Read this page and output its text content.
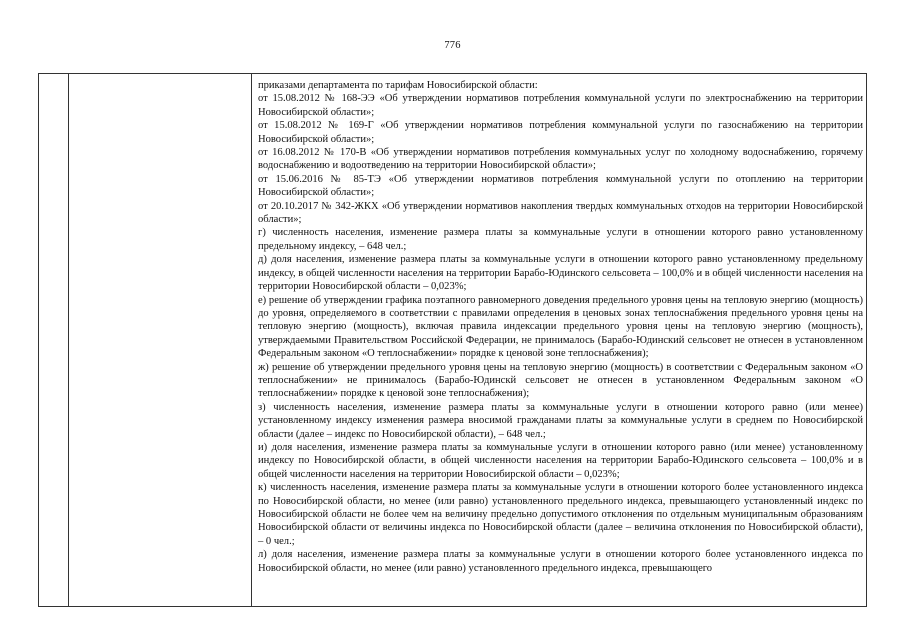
776

приказами департамента по тарифам Новосибирской области:

от 15.08.2012 № 168-ЭЭ «Об утверждении нормативов потребления коммунальной услуги по электроснабжению на территории Новосибирской области»;

от 15.08.2012 № 169-Г «Об утверждении нормативов потребления коммунальной услуги по газоснабжению на территории Новосибирской области»;

от 16.08.2012 № 170-В «Об утверждении нормативов потребления коммунальных услуг по холодному водоснабжению, горячему водоснабжению и водоотведению на территории Новосибирской области»;

от 15.06.2016 № 85-ТЭ «Об утверждении нормативов потребления коммунальной услуги по отоплению на территории Новосибирской области»;

от 20.10.2017 № 342-ЖКХ «Об утверждении нормативов накопления твердых коммунальных отходов на территории Новосибирской области»;

г) численность населения, изменение размера платы за коммунальные услуги в отношении которого равно установленному предельному индексу, – 648 чел.;

д) доля населения, изменение размера платы за коммунальные услуги в отношении которого равно установленному предельному индексу, в общей численности населения на территории Барабо-Юдинского сельсовета – 100,0% и в общей численности населения на территории Новосибирской области – 0,023%;

е) решение об утверждении графика поэтапного равномерного доведения предельного уровня цены на тепловую энергию (мощность) до уровня, определяемого в соответствии с правилами определения в ценовых зонах теплоснабжения предельного уровня цены на тепловую энергию (мощность), включая правила индексации предельного уровня цены на тепловую энергию (мощность), утверждаемыми Правительством Российской Федерации, не принималось (Барабо-Юдинский сельсовет не отнесен в установленном Федеральным законом «О теплоснабжении» порядке к ценовой зоне теплоснабжения);

ж) решение об утверждении предельного уровня цены на тепловую энергию (мощность) в соответствии с Федеральным законом «О теплоснабжении» не принималось (Барабо-Юдинскй сельсовет не отнесен в установленном Федеральным законом «О теплоснабжении» порядке к ценовой зоне теплоснабжения);

з) численность населения, изменение размера платы за коммунальные услуги в отношении которого равно (или менее) установленному индексу изменения размера вносимой гражданами платы за коммунальные услуги в среднем по Новосибирской области (далее – индекс по Новосибирской области), – 648 чел.;

и) доля населения, изменение размера платы за коммунальные услуги в отношении которого равно (или менее) установленному индексу по Новосибирской области, в общей численности населения на территории Барабо-Юдинского сельсовета – 100,0% и в общей численности населения на территории Новосибирской области – 0,023%;

к) численность населения, изменение размера платы за коммунальные услуги в отношении которого более установленного индекса по Новосибирской области, но менее (или равно) установленного предельного индекса, превышающего установленный индекс по Новосибирской области не более чем на величину предельно допустимого отклонения по отдельным муниципальным образованиям Новосибирской области от величины индекса по Новосибирской области (далее – величина отклонения по Новосибирской области), – 0 чел.;

л) доля населения, изменение размера платы за коммунальные услуги в отношении которого более установленного индекса по Новосибирской области, но менее (или равно) установленного предельного индекса, превышающего
